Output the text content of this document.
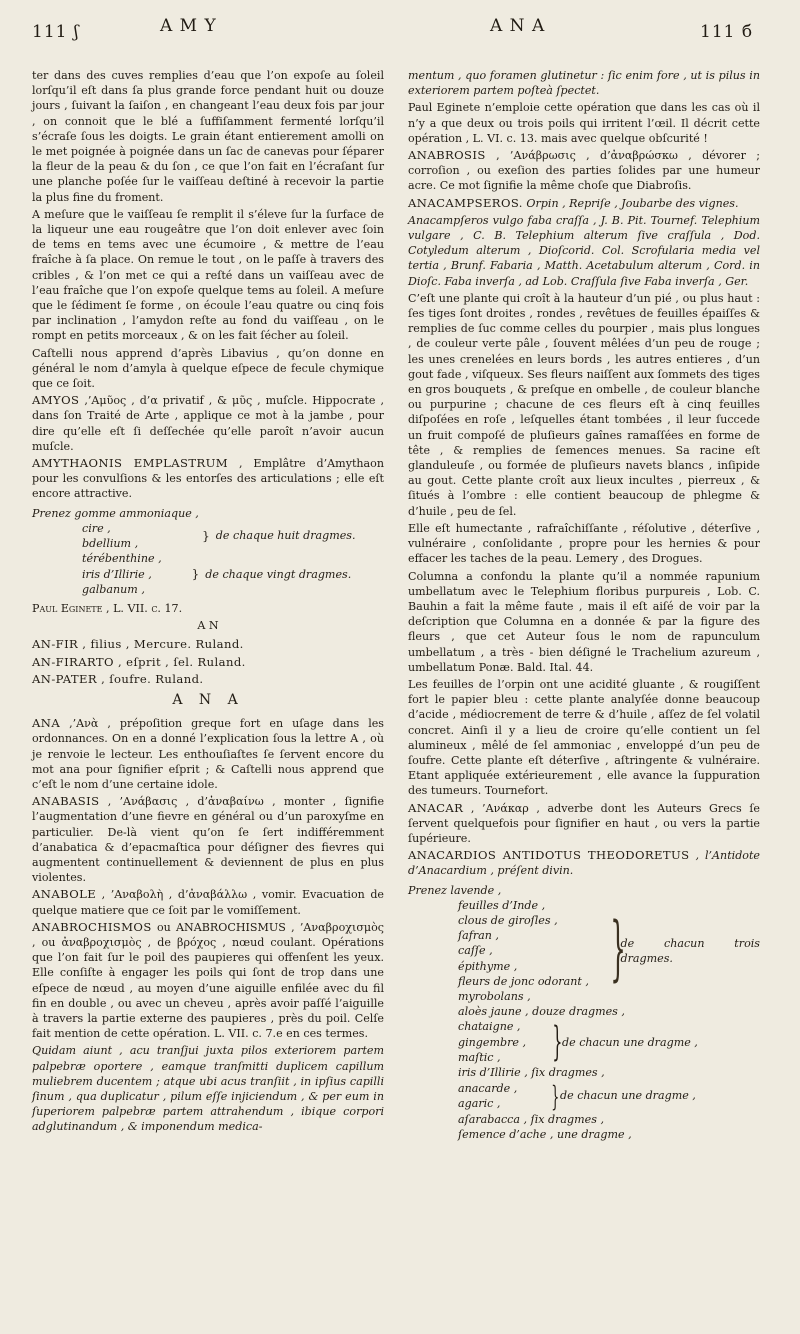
111 ʃ	A M Y	A N A	111 б

ter dans des cuves remplies d’eau que l’on expoſe au ſoleil lorſqu’il eſt dans ſa plus grande force pendant huit ou douze jours , ſuivant la ſaiſon , en changeant l’eau deux fois par jour , on connoit que le blé a ſuffiſamment fermenté lorſqu’il s’écraſe ſous les doigts. Le grain étant entierement amolli on le met poignée à poignée dans un ſac de canevas pour ſéparer la fleur de la peau & du ſon , ce que l’on fait en l’écraſant ſur une planche poſée ſur le vaiſſeau deſtiné à recevoir la partie la plus fine du froment.

A meſure que le vaiſſeau ſe remplit il s’éleve ſur la ſurface de la liqueur une eau rougeâtre que l’on doit enlever avec ſoin de tems en tems avec une écumoire , & mettre de l’eau fraîche à ſa place. On remue le tout , on le paſſe à travers des cribles , & l’on met ce qui a reſté dans un vaiſſeau avec de l’eau fraîche que l’on expoſe quelque tems au ſoleil. A meſure que le ſédiment ſe forme , on écoule l’eau quatre ou cinq fois par inclination , l’amydon reſte au fond du vaiſſeau , on le rompt en petits morceaux , & on les fait ſécher au ſoleil.

Caſtelli nous apprend d’après Libavius , qu’on donne en général le nom d’amyla à quelque eſpece de fecule chymique que ce ſoit.

AMYOS ,’Αμῦος , d’α privatif , & μῦς , muſcle. Hippocrate , dans ſon Traité de Arte , applique ce mot à la jambe , pour dire qu’elle eſt ſi deſſechée qu’elle paroît n’avoir aucun muſcle.

AMYTHAONIS EMPLASTRUM , Emplâtre d’Amythaon pour les convulſions & les entorſes des articulations ; elle eſt encore attractive.

Prenez gomme ammoniaque ,
cire ,
bdellium ,
} de chaque huit dragmes.
térébenthine ,
iris d’Illirie ,
galbanum ,
} de chaque vingt dragmes.

Paul Eginete , L. VII. c. 17.

A N

AN-FIR , filius , Mercure. Ruland.

AN-FIRARTO , eſprit , ſel. Ruland.

AN-PATER , ſoufre. Ruland.

A N A

ANA ,’Ανὰ , prépoſition greque fort en uſage dans les ordonnances. On en a donné l’explication ſous la lettre A , où je renvoie le lecteur. Les enthouſiaſtes ſe ſervent encore du mot ana pour ſignifier eſprit ; & Caſtelli nous apprend que c’eſt le nom d’une certaine idole.

ANABASIS , ’Ανάβασις , d’ἀναβαίνω , monter , ſignifie l’augmentation d’une fievre en général ou d’un paroxyſme en particulier. De-là vient qu’on ſe ſert indifféremment d’anabatica & d’epacmaſtica pour déſigner des fievres qui augmentent continuellement & deviennent de plus en plus violentes.

ANABOLE , ’Αναβολὴ , d’ἀναβάλλω , vomir. Evacuation de quelque matiere que ce ſoit par le vomiſſement.

ANABROCHISMOS ou ANABROCHISMUS , ’Αναβροχισμὸς , ou ἀναβροχισμὸς , de βρόχος , nœud coulant. Opérations que l’on fait ſur le poil des paupieres qui offenſent les yeux. Elle conſiſte à engager les poils qui ſont de trop dans une eſpece de nœud , au moyen d’une aiguille enfilée avec du fil fin en double , ou avec un cheveu , après avoir paſſé l’aiguille à travers la partie externe des paupieres , près du poil. Celſe fait mention de cette opération. L. VII. c. 7.e en ces termes.

Quidam aiunt , acu tranſjui juxta pilos exteriorem partem palpebræ oportere , eamque tranſmitti duplicem capillum muliebrem ducentem ; atque ubi acus tranſiit , in ipſius capilli ſinum , qua duplicatur , pilum eſſe injiciendum , & per eum in ſuperiorem palpebræ partem attrahendum , ibique corpori adglutinandum , & imponendum medica-

mentum , quo foramen glutinetur : ſic enim fore , ut is pilus in exteriorem partem poſteà ſpectet.

Paul Eginete n’emploie cette opération que dans les cas où il n’y a que deux ou trois poils qui irritent l’œil. Il décrit cette opération , L. VI. c. 13. mais avec quelque obſcurité !

ANABROSIS , ’Ανάβρωσις , d’ἀναβρώσκω , dévorer ; corroſion , ou exeſion des parties ſolides par une humeur acre. Ce mot ſignifie la même choſe que Diabroſis.

ANACAMPSEROS. Orpin , Repriſe , Joubarbe des vignes.

Anacampſeros vulgo faba craſſa , J. B. Pit. Tournef. Telephium vulgare , C. B. Telephium alterum ſive craſſula , Dod. Cotyledum alterum , Dioſcorid. Col. Scrofularia media vel tertia , Brunf. Fabaria , Matth. Acetabulum alterum , Cord. in Dioſc. Faba inverſa , ad Lob. Craſſula ſive Faba inverſa , Ger.

C’eſt une plante qui croît à la hauteur d’un pié , ou plus haut : ſes tiges ſont droites , rondes , revêtues de feuilles épaiſſes & remplies de ſuc comme celles du pourpier , mais plus longues , de couleur verte pâle , ſouvent mêlées d’un peu de rouge ; les unes crenelées en leurs bords , les autres entieres , d’un gout fade , viſqueux. Ses fleurs naiſſent aux ſommets des tiges en gros bouquets , & preſque en ombelle , de couleur blanche ou purpurine ; chacune de ces fleurs eſt à cinq feuilles diſpoſées en roſe , leſquelles étant tombées , il leur ſuccede un fruit compoſé de pluſieurs gaînes ramaſſées en forme de tête , & remplies de ſemences menues. Sa racine eſt glanduleuſe , ou formée de pluſieurs navets blancs , inſipide au gout. Cette plante croît aux lieux incultes , pierreux , & ſitués à l’ombre : elle contient beaucoup de phlegme & d’huile , peu de ſel.

Elle eſt humectante , rafraîchiſſante , réſolutive , déterſive , vulnéraire , conſolidante , propre pour les hernies & pour effacer les taches de la peau. Lemery , des Drogues.

Columna a confondu la plante qu’il a nommée rapunium umbellatum avec le Telephium floribus purpureis , Lob. C. Bauhin a fait la même faute , mais il eſt aiſé de voir par la deſcription que Columna en a donnée & par la figure des fleurs , que cet Auteur ſous le nom de rapunculum umbellatum , a très - bien déſigné le Trachelium azureum , umbellatum Ponæ. Bald. Ital. 44.

Les feuilles de l’orpin ont une acidité gluante , & rougiſſent fort le papier bleu : cette plante analyſée donne beaucoup d’acide , médiocrement de terre & d’huile , aſſez de ſel volatil concret. Ainſi il y a lieu de croire qu’elle contient un ſel alumineux , mêlé de ſel ammoniac , enveloppé d’un peu de ſoufre. Cette plante eſt déterſive , aſtringente & vulnéraire. Etant appliquée extérieurement , elle avance la ſuppuration des tumeurs. Tournefort.

ANACAR , ’Ανάκαρ , adverbe dont les Auteurs Grecs ſe ſervent quelquefois pour ſignifier en haut , ou vers la partie ſupérieure.

ANACARDIOS ANTIDOTUS THEODORETUS , l’Antidote d’Anacardium , préſent divin.

Prenez lavende ,
feuilles d’Inde ,
clous de giroſles ,
ſafran ,
caſſe ,
épithyme ,
fleurs de jonc odorant ,
myrobolans ,
}
de chacun trois dragmes.
aloès jaune , douze dragmes ,
chataigne ,
gingembre ,
maſtic ,	} de chacun une dragme ,
iris d’Illirie , ſix dragmes ,
anacarde ,
agaric ,	} de chacun une dragme ,
aſarabacca , ſix dragmes ,
ſemence d’ache , une dragme ,
